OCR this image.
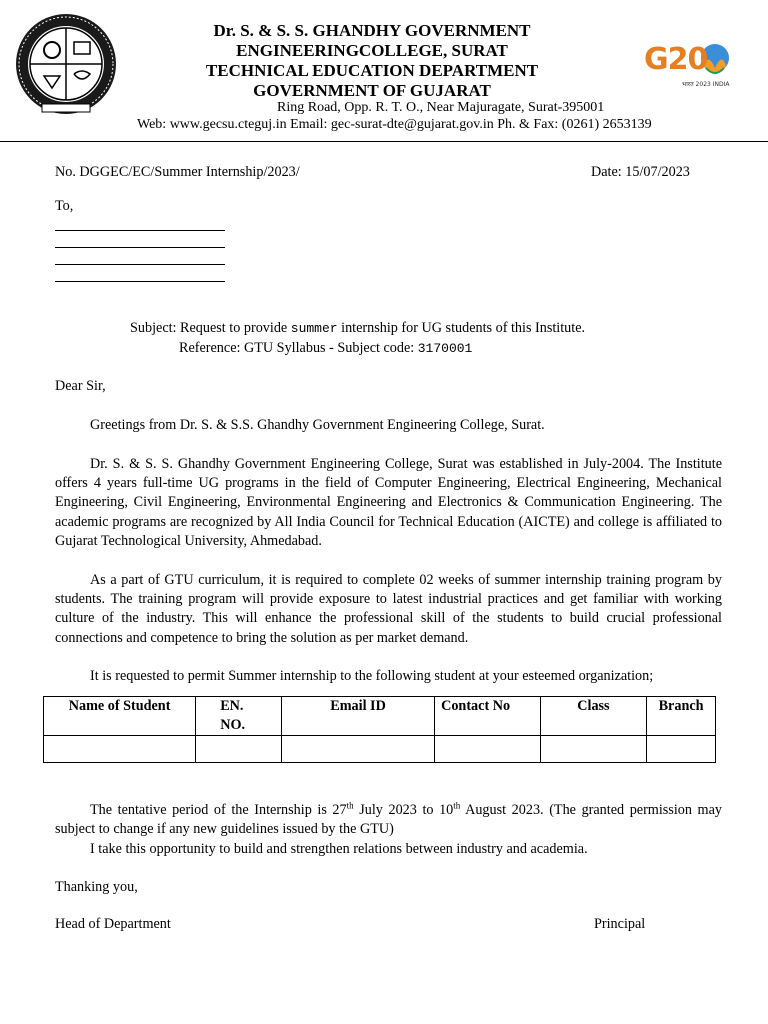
G20
भारत 2023 INDIA
Dr. S. & S. S. GHANDHY GOVERNMENT
ENGINEERINGCOLLEGE, SURAT
TECHNICAL EDUCATION DEPARTMENT
GOVERNMENT OF GUJARAT
Ring Road, Opp. R. T. O., Near Majuragate, Surat-395001
Web: www.gecsu.cteguj.in Email: gec-surat-dte@gujarat.gov.in Ph. & Fax: (0261) 2653139
No. DGGEC/EC/Summer Internship/2023/	Date: 15/07/2023
To,
Subject: Request to provide summer internship for UG students of this Institute.
Reference: GTU Syllabus - Subject code: 3170001
Dear Sir,
Greetings from Dr. S. & S.S. Ghandhy Government Engineering College, Surat.
Dr. S. & S. S. Ghandhy Government Engineering College, Surat was established in July-2004. The Institute offers 4 years full-time UG programs in the field of Computer Engineering, Electrical Engineering, Mechanical Engineering, Civil Engineering, Environmental Engineering and Electronics & Communication Engineering. The academic programs are recognized by All India Council for Technical Education (AICTE) and college is affiliated to Gujarat Technological University, Ahmedabad.
As a part of GTU curriculum, it is required to complete 02 weeks of summer internship training program by students. The training program will provide exposure to latest industrial practices and get familiar with working culture of the industry. This will enhance the professional skill of the students to build crucial professional connections and competence to bring the solution as per market demand.
It is requested to permit Summer internship to the following student at your esteemed organization;
Name of Student	EN. NO.	Email ID	Contact No	Class	Branch

The tentative period of the Internship is 27th July 2023 to 10th August 2023. (The granted permission may subject to change if any new guidelines issued by the GTU)
I take this opportunity to build and strengthen relations between industry and academia.
Thanking you,
Head of Department	Principal
